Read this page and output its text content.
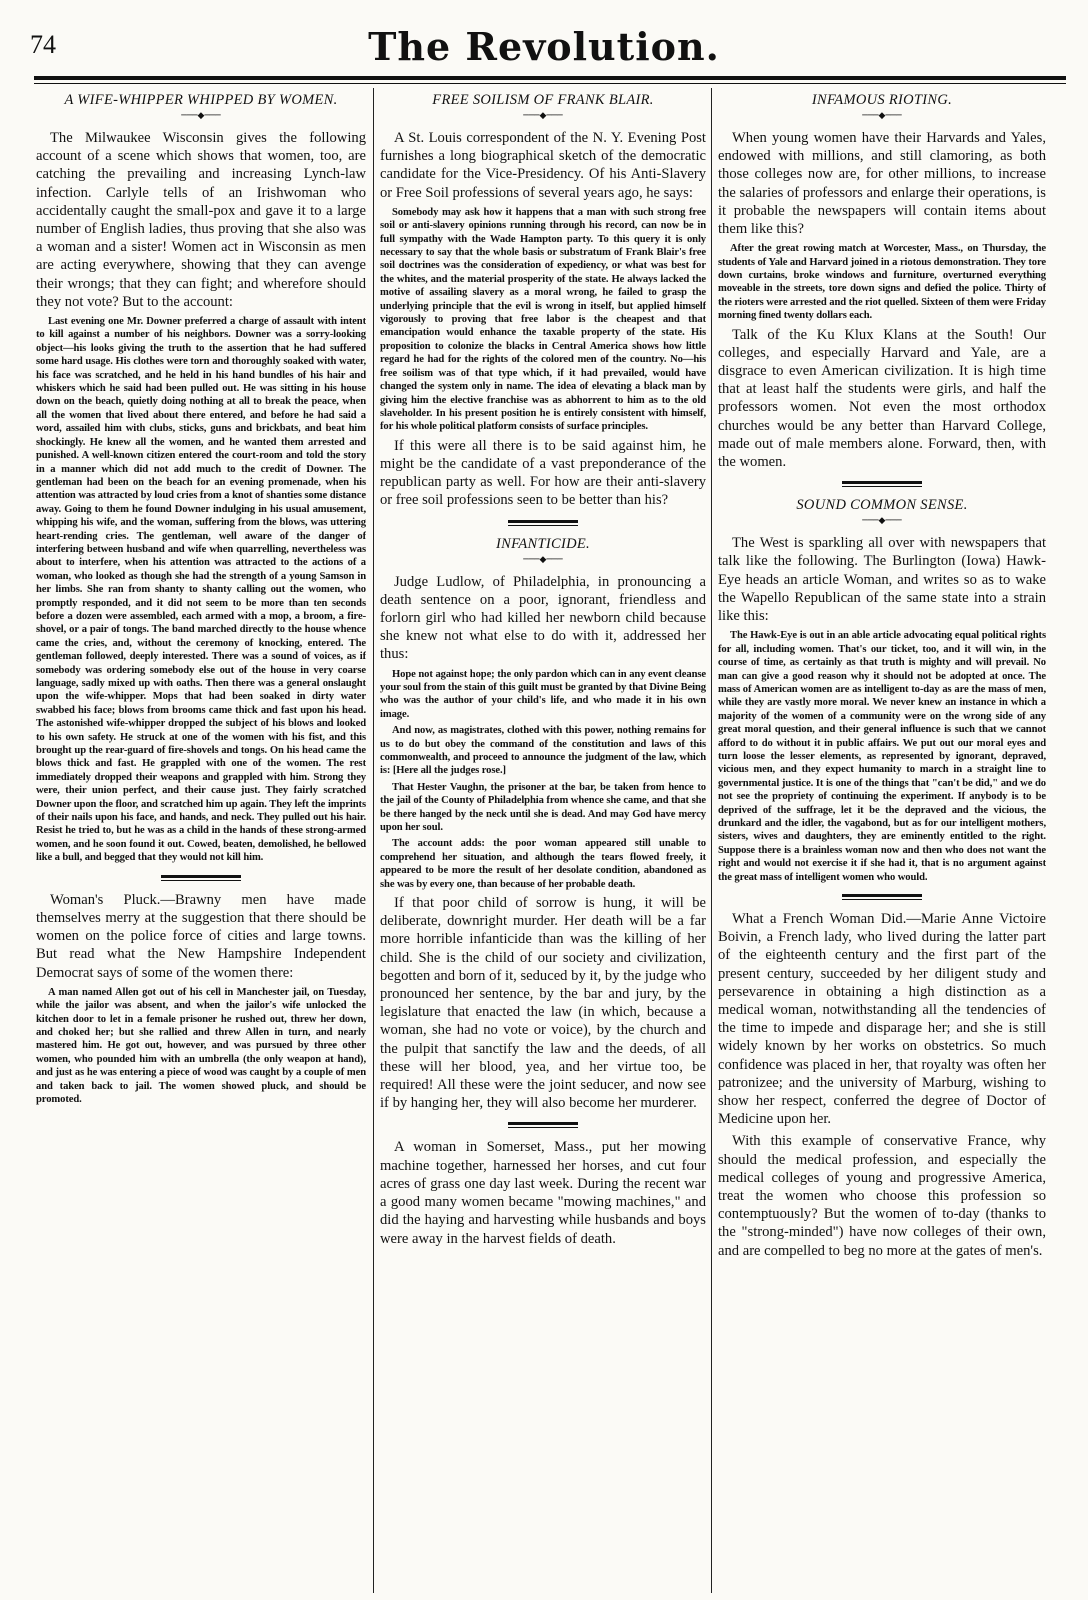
74	The Revolution.
A WIFE-WHIPPER WHIPPED BY WOMEN.
───◆───

The Milwaukee Wisconsin gives the following account of a scene which shows that women, too, are catching the prevailing and increasing Lynch-law infection. Carlyle tells of an Irishwoman who accidentally caught the small-pox and gave it to a large number of English ladies, thus proving that she also was a woman and a sister! Women act in Wisconsin as men are acting everywhere, showing that they can avenge their wrongs; that they can fight; and wherefore should they not vote? But to the account:

Last evening one Mr. Downer preferred a charge of assault with intent to kill against a number of his neighbors. Downer was a sorry-looking object—his looks giving the truth to the assertion that he had suffered some hard usage. His clothes were torn and thoroughly soaked with water, his face was scratched, and he held in his hand bundles of his hair and whiskers which he said had been pulled out. He was sitting in his house down on the beach, quietly doing nothing at all to break the peace, when all the women that lived about there entered, and before he had said a word, assailed him with clubs, sticks, guns and brickbats, and beat him shockingly. He knew all the women, and he wanted them arrested and punished. A well-known citizen entered the court-room and told the story in a manner which did not add much to the credit of Downer. The gentleman had been on the beach for an evening promenade, when his attention was attracted by loud cries from a knot of shanties some distance away. Going to them he found Downer indulging in his usual amusement, whipping his wife, and the woman, suffering from the blows, was uttering heart-rending cries. The gentleman, well aware of the danger of interfering between husband and wife when quarrelling, nevertheless was about to interfere, when his attention was attracted to the actions of a woman, who looked as though she had the strength of a young Samson in her limbs. She ran from shanty to shanty calling out the women, who promptly responded, and it did not seem to be more than ten seconds before a dozen were assembled, each armed with a mop, a broom, a fire-shovel, or a pair of tongs. The band marched directly to the house whence came the cries, and, without the ceremony of knocking, entered. The gentleman followed, deeply interested. There was a sound of voices, as if somebody was ordering somebody else out of the house in very coarse language, sadly mixed up with oaths. Then there was a general onslaught upon the wife-whipper. Mops that had been soaked in dirty water swabbed his face; blows from brooms came thick and fast upon his head. The astonished wife-whipper dropped the subject of his blows and looked to his own safety. He struck at one of the women with his fist, and this brought up the rear-guard of fire-shovels and tongs. On his head came the blows thick and fast. He grappled with one of the women. The rest immediately dropped their weapons and grappled with him. Strong they were, their union perfect, and their cause just. They fairly scratched Downer upon the floor, and scratched him up again. They left the imprints of their nails upon his face, and hands, and neck. They pulled out his hair. Resist he tried to, but he was as a child in the hands of these strong-armed women, and he soon found it out. Cowed, beaten, demolished, he bellowed like a bull, and begged that they would not kill him.

Woman's Pluck.—Brawny men have made themselves merry at the suggestion that there should be women on the police force of cities and large towns. But read what the New Hampshire Independent Democrat says of some of the women there:

A man named Allen got out of his cell in Manchester jail, on Tuesday, while the jailor was absent, and when the jailor's wife unlocked the kitchen door to let in a female prisoner he rushed out, threw her down, and choked her; but she rallied and threw Allen in turn, and nearly mastered him. He got out, however, and was pursued by three other women, who pounded him with an umbrella (the only weapon at hand), and just as he was entering a piece of wood was caught by a couple of men and taken back to jail. The women showed pluck, and should be promoted.

FREE SOILISM OF FRANK BLAIR.
───◆───

A St. Louis correspondent of the N. Y. Evening Post furnishes a long biographical sketch of the democratic candidate for the Vice-Presidency. Of his Anti-Slavery or Free Soil professions of several years ago, he says:

Somebody may ask how it happens that a man with such strong free soil or anti-slavery opinions running through his record, can now be in full sympathy with the Wade Hampton party. To this query it is only necessary to say that the whole basis or substratum of Frank Blair's free soil doctrines was the consideration of expediency, or what was best for the whites, and the material prosperity of the state. He always lacked the motive of assailing slavery as a moral wrong, he failed to grasp the underlying principle that the evil is wrong in itself, but applied himself vigorously to proving that free labor is the cheapest and that emancipation would enhance the taxable property of the state. His proposition to colonize the blacks in Central America shows how little regard he had for the rights of the colored men of the country. No—his free soilism was of that type which, if it had prevailed, would have changed the system only in name. The idea of elevating a black man by giving him the elective franchise was as abhorrent to him as to the old slaveholder. In his present position he is entirely consistent with himself, for his whole political platform consists of surface principles.

If this were all there is to be said against him, he might be the candidate of a vast preponderance of the republican party as well. For how are their anti-slavery or free soil professions seen to be better than his?

INFANTICIDE.
───◆───

Judge Ludlow, of Philadelphia, in pronouncing a death sentence on a poor, ignorant, friendless and forlorn girl who had killed her newborn child because she knew not what else to do with it, addressed her thus:

Hope not against hope; the only pardon which can in any event cleanse your soul from the stain of this guilt must be granted by that Divine Being who was the author of your child's life, and who made it in his own image.

And now, as magistrates, clothed with this power, nothing remains for us to do but obey the command of the constitution and laws of this commonwealth, and proceed to announce the judgment of the law, which is: [Here all the judges rose.]

That Hester Vaughn, the prisoner at the bar, be taken from hence to the jail of the County of Philadelphia from whence she came, and that she be there hanged by the neck until she is dead. And may God have mercy upon her soul.

The account adds: the poor woman appeared still unable to comprehend her situation, and although the tears flowed freely, it appeared to be more the result of her desolate condition, abandoned as she was by every one, than because of her probable death.

If that poor child of sorrow is hung, it will be deliberate, downright murder. Her death will be a far more horrible infanticide than was the killing of her child. She is the child of our society and civilization, begotten and born of it, seduced by it, by the judge who pronounced her sentence, by the bar and jury, by the legislature that enacted the law (in which, because a woman, she had no vote or voice), by the church and the pulpit that sanctify the law and the deeds, of all these will her blood, yea, and her virtue too, be required! All these were the joint seducer, and now see if by hanging her, they will also become her murderer.

A woman in Somerset, Mass., put her mowing machine together, harnessed her horses, and cut four acres of grass one day last week. During the recent war a good many women became "mowing machines," and did the haying and harvesting while husbands and boys were away in the harvest fields of death.

INFAMOUS RIOTING.
───◆───

When young women have their Harvards and Yales, endowed with millions, and still clamoring, as both those colleges now are, for other millions, to increase the salaries of professors and enlarge their operations, is it probable the newspapers will contain items about them like this?

After the great rowing match at Worcester, Mass., on Thursday, the students of Yale and Harvard joined in a riotous demonstration. They tore down curtains, broke windows and furniture, overturned everything moveable in the streets, tore down signs and defied the police. Thirty of the rioters were arrested and the riot quelled. Sixteen of them were Friday morning fined twenty dollars each.

Talk of the Ku Klux Klans at the South! Our colleges, and especially Harvard and Yale, are a disgrace to even American civilization. It is high time that at least half the students were girls, and half the professors women. Not even the most orthodox churches would be any better than Harvard College, made out of male members alone. Forward, then, with the women.

SOUND COMMON SENSE.
───◆───

The West is sparkling all over with newspapers that talk like the following. The Burlington (Iowa) Hawk-Eye heads an article Woman, and writes so as to wake the Wapello Republican of the same state into a strain like this:

The Hawk-Eye is out in an able article advocating equal political rights for all, including women. That's our ticket, too, and it will win, in the course of time, as certainly as that truth is mighty and will prevail. No man can give a good reason why it should not be adopted at once. The mass of American women are as intelligent to-day as are the mass of men, while they are vastly more moral. We never knew an instance in which a majority of the women of a community were on the wrong side of any great moral question, and their general influence is such that we cannot afford to do without it in public affairs. We put out our moral eyes and turn loose the lesser elements, as represented by ignorant, depraved, vicious men, and they expect humanity to march in a straight line to governmental justice. It is one of the things that "can't be did," and we do not see the propriety of continuing the experiment. If anybody is to be deprived of the suffrage, let it be the depraved and the vicious, the drunkard and the idler, the vagabond, but as for our intelligent mothers, sisters, wives and daughters, they are eminently entitled to the right. Suppose there is a brainless woman now and then who does not want the right and would not exercise it if she had it, that is no argument against the great mass of intelligent women who would.

What a French Woman Did.—Marie Anne Victoire Boivin, a French lady, who lived during the latter part of the eighteenth century and the first part of the present century, succeeded by her diligent study and persevarence in obtaining a high distinction as a medical woman, notwithstanding all the tendencies of the time to impede and disparage her; and she is still widely known by her works on obstetrics. So much confidence was placed in her, that royalty was often her patronizee; and the university of Marburg, wishing to show her respect, conferred the degree of Doctor of Medicine upon her.

With this example of conservative France, why should the medical profession, and especially the medical colleges of young and progressive America, treat the women who choose this profession so contemptuously? But the women of to-day (thanks to the "strong-minded") have now colleges of their own, and are compelled to beg no more at the gates of men's.
